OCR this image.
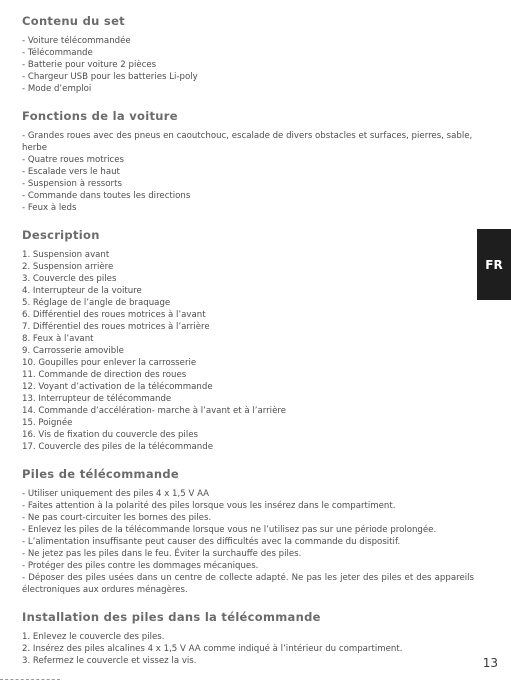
Contenu du set
- Voiture télécommandée
- Télécommande
- Batterie pour voiture 2 pièces
- Chargeur USB pour les batteries Li-poly
- Mode d’emploi
Fonctions de la voiture
- Grandes roues avec des pneus en caoutchouc, escalade de divers obstacles et surfaces, pierres, sable, herbe
- Quatre roues motrices
- Escalade vers le haut
- Suspension à ressorts
- Commande dans toutes les directions
- Feux à leds
Description
1. Suspension avant
2. Suspension arrière
3. Couvercle des piles
4. Interrupteur de la voiture
5. Réglage de l’angle de braquage
6. Différentiel des roues motrices à l’avant
7. Différentiel des roues motrices à l’arrière
8. Feux à l’avant
9. Carrosserie amovible
10. Goupilles pour enlever la carrosserie
11. Commande de direction des roues
12. Voyant d’activation de la télécommande
13. Interrupteur de télécommande
14. Commande d’accélération- marche à l’avant et à l’arrière
15. Poignée
16. Vis de fixation du couvercle des piles
17. Couvercle des piles de la télécommande
Piles de télécommande
- Utiliser uniquement des piles 4 x 1,5 V AA
- Faites attention à la polarité des piles lorsque vous les insérez dans le compartiment.
- Ne pas court-circuiter les bornes des piles.
- Enlevez les piles de la télécommande lorsque vous ne l’utilisez pas sur une période prolongée.
- L’alimentation insuffisante peut causer des difficultés avec la commande du dispositif.
- Ne jetez pas les piles dans le feu. Éviter la surchauffe des piles.
- Protéger des piles contre les dommages mécaniques.
- Déposer des piles usées dans un centre de collecte adapté. Ne pas les jeter des piles et des appareils électroniques aux ordures ménagères.
Installation des piles dans la télécommande
1. Enlevez le couvercle des piles.
2. Insérez des piles alcalines 4 x 1,5 V AA comme indiqué à l’intérieur du compartiment.
3. Refermez le couvercle et vissez la vis.
FR
13
